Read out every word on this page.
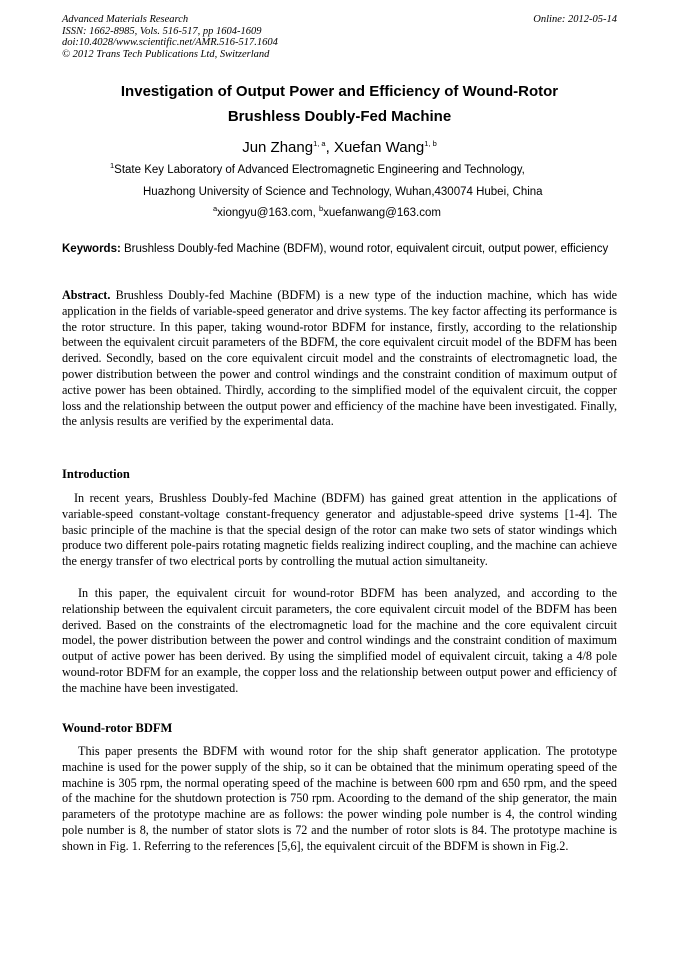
Advanced Materials Research
ISSN: 1662-8985, Vols. 516-517, pp 1604-1609
doi:10.4028/www.scientific.net/AMR.516-517.1604
© 2012 Trans Tech Publications Ltd, Switzerland
Online: 2012-05-14
Investigation of Output Power and Efficiency of Wound-Rotor
Brushless Doubly-Fed Machine
Jun Zhang$^{1, a}$, Xuefan Wang$^{1, b}$
$^1$State Key Laboratory of Advanced Electromagnetic Engineering and Technology,
Huazhong University of Science and Technology, Wuhan,430074 Hubei, China
$^a$xiongyu@163.com, $^b$xuefanwang@163.com
Keywords: Brushless Doubly-fed Machine (BDFM), wound rotor, equivalent circuit, output power, efficiency
Abstract. Brushless Doubly-fed Machine (BDFM) is a new type of the induction machine, which has wide application in the fields of variable-speed generator and drive systems. The key factor affecting its performance is the rotor structure. In this paper, taking wound-rotor BDFM for instance, firstly, according to the relationship between the equivalent circuit parameters of the BDFM, the core equivalent circuit model of the BDFM has been derived. Secondly, based on the core equivalent circuit model and the constraints of electromagnetic load, the power distribution between the power and control windings and the constraint condition of maximum output of active power has been obtained. Thirdly, according to the simplified model of the equivalent circuit, the copper loss and the relationship between the output power and efficiency of the machine have been investigated. Finally, the anlysis results are verified by the experimental data.
Introduction
In recent years, Brushless Doubly-fed Machine (BDFM) has gained great attention in the applications of variable-speed constant-voltage constant-frequency generator and adjustable-speed drive systems [1-4]. The basic principle of the machine is that the special design of the rotor can make two sets of stator windings which produce two different pole-pairs rotating magnetic fields realizing indirect coupling, and the machine can achieve the energy transfer of two electrical ports by controlling the mutual action simultaneity.
In this paper, the equivalent circuit for wound-rotor BDFM has been analyzed, and according to the relationship between the equivalent circuit parameters, the core equivalent circuit model of the BDFM has been derived. Based on the constraints of the electromagnetic load for the machine and the core equivalent circuit model, the power distribution between the power and control windings and the constraint condition of maximum output of active power has been derived. By using the simplified model of equivalent circuit, taking a 4/8 pole wound-rotor BDFM for an example, the copper loss and the relationship between output power and efficiency of the machine have been investigated.
Wound-rotor BDFM
This paper presents the BDFM with wound rotor for the ship shaft generator application. The prototype machine is used for the power supply of the ship, so it can be obtained that the minimum operating speed of the machine is 305 rpm, the normal operating speed of the machine is between 600 rpm and 650 rpm, and the speed of the machine for the shutdown protection is 750 rpm. Acoording to the demand of the ship generator, the main parameters of the prototype machine are as follows: the power winding pole number is 4, the control winding pole number is 8, the number of stator slots is 72 and the number of rotor slots is 84. The prototype machine is shown in Fig. 1. Referring to the references [5,6], the equivalent circuit of the BDFM is shown in Fig.2.
